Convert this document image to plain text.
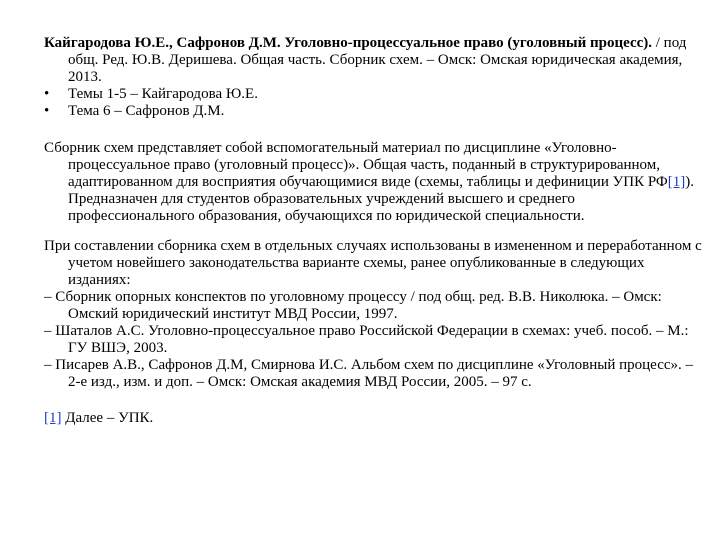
Кайгародова Ю.Е., Сафронов Д.М. Уголовно-процессуальное право (уголовный процесс). / под общ. Ред. Ю.В. Деришева. Общая часть. Сборник схем. – Омск: Омская юридическая академия, 2013.
•	Темы 1-5 – Кайгародова Ю.Е.
•	Тема 6 – Сафронов Д.М.
Сборник схем представляет собой вспомогательный материал по дисциплине «Уголовно-процессуальное право (уголовный процесс)». Общая часть, поданный в структурированном, адаптированном для восприятия обучающимися виде (схемы, таблицы и дефиниции УПК РФ[1]). Предназначен для студентов образовательных учреждений высшего и среднего профессионального образования, обучающихся по юридической специальности.
При составлении сборника схем в отдельных случаях использованы в измененном и переработанном с учетом новейшего законодательства варианте схемы, ранее опубликованные в следующих изданиях:
– Сборник опорных конспектов по уголовному процессу / под общ. ред. В.В. Николюка. – Омск: Омский юридический институт МВД России, 1997.
– Шаталов А.С. Уголовно-процессуальное право Российской Федерации в схемах: учеб. пособ. – М.: ГУ ВШЭ, 2003.
– Писарев А.В., Сафронов Д.М, Смирнова И.С. Альбом схем по дисциплине «Уголовный процесс». – 2-е изд., изм. и доп. – Омск: Омская академия МВД России, 2005. – 97 с.
[1] Далее – УПК.
